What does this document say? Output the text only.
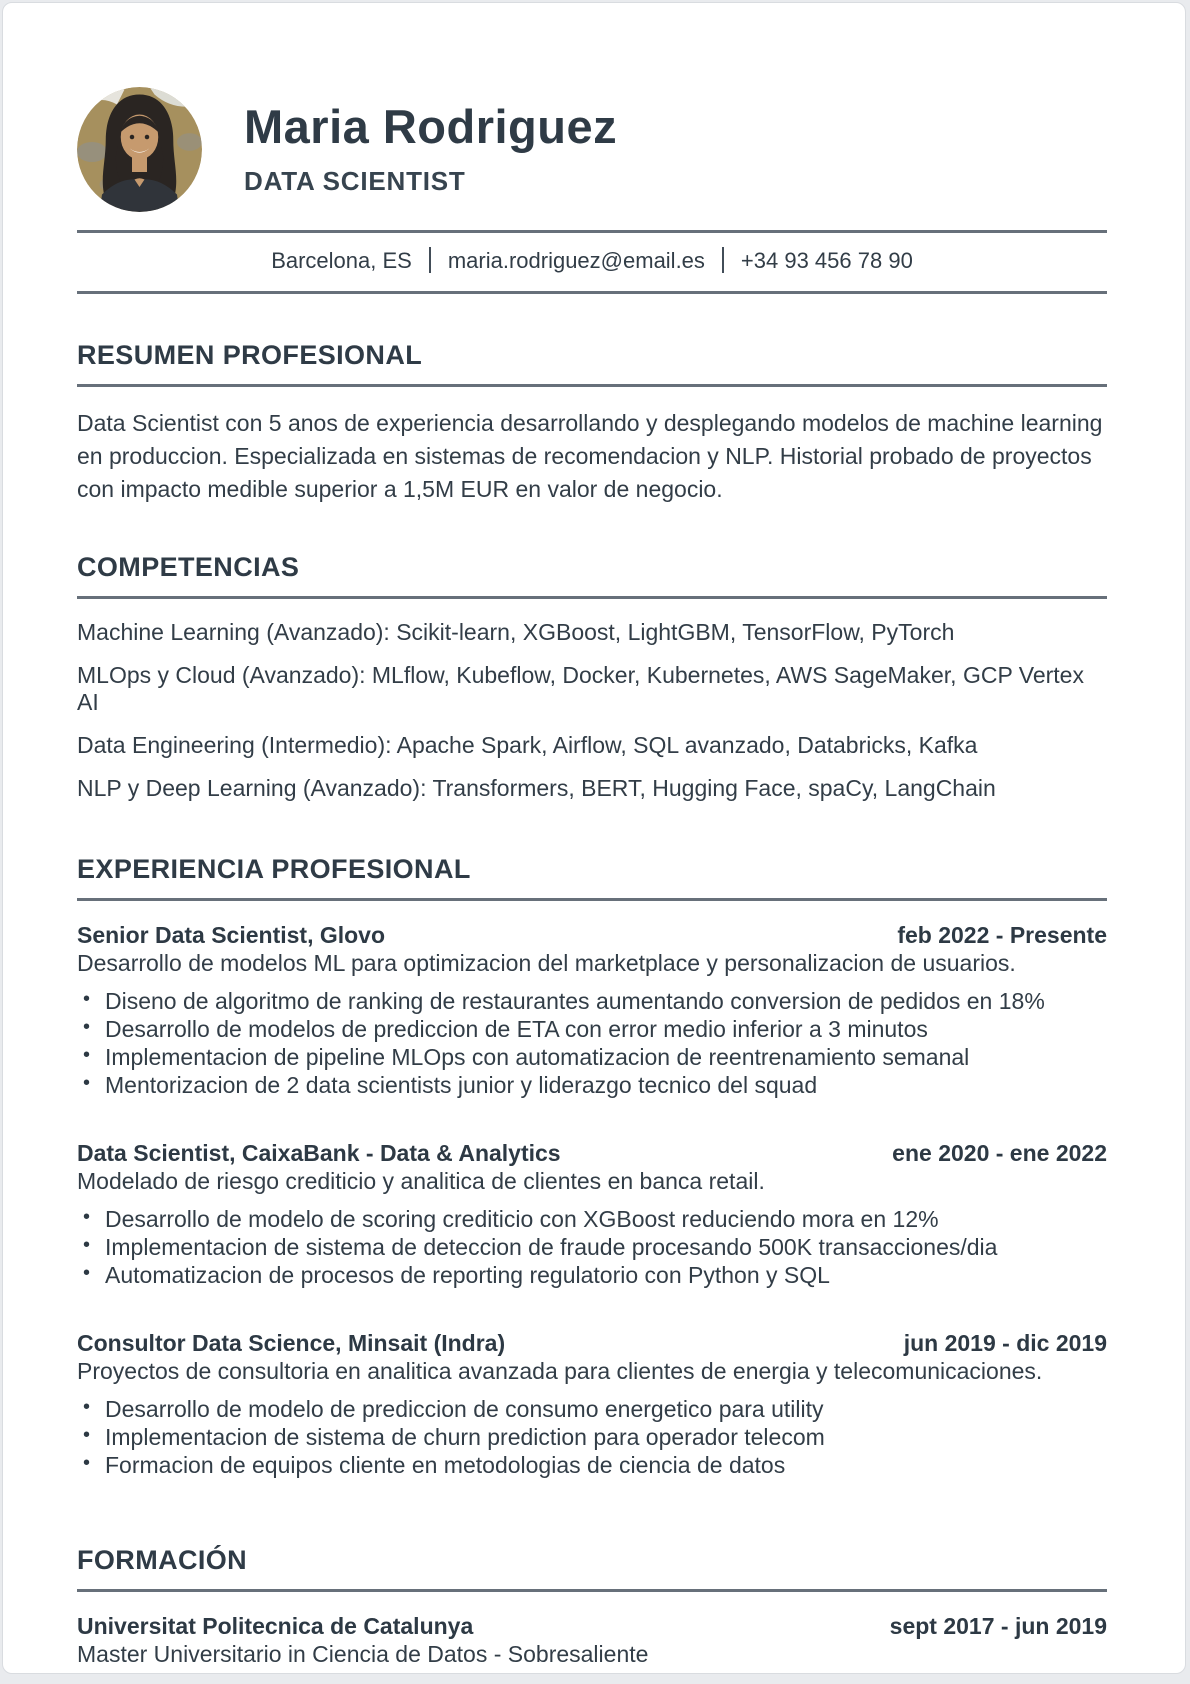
Maria Rodriguez
DATA SCIENTIST
Barcelona, ES maria.rodriguez@email.es +34 93 456 78 90
RESUMEN PROFESIONAL

Data Scientist con 5 anos de experiencia desarrollando y desplegando modelos de machine learning en produccion. Especializada en sistemas de recomendacion y NLP. Historial probado de proyectos con impacto medible superior a 1,5M EUR en valor de negocio.

COMPETENCIAS
Machine Learning (Avanzado): Scikit-learn, XGBoost, LightGBM, TensorFlow, PyTorch
MLOps y Cloud (Avanzado): MLflow, Kubeflow, Docker, Kubernetes, AWS SageMaker, GCP Vertex AI
Data Engineering (Intermedio): Apache Spark, Airflow, SQL avanzado, Databricks, Kafka
NLP y Deep Learning (Avanzado): Transformers, BERT, Hugging Face, spaCy, LangChain
EXPERIENCIA PROFESIONAL
Senior Data Scientist, Glovo	feb 2022 - Presente

Desarrollo de modelos ML para optimizacion del marketplace y personalizacion de usuarios.

• Diseno de algoritmo de ranking de restaurantes aumentando conversion de pedidos en 18%
• Desarrollo de modelos de prediccion de ETA con error medio inferior a 3 minutos
• Implementacion de pipeline MLOps con automatizacion de reentrenamiento semanal
• Mentorizacion de 2 data scientists junior y liderazgo tecnico del squad
Data Scientist, CaixaBank - Data & Analytics	ene 2020 - ene 2022

Modelado de riesgo crediticio y analitica de clientes en banca retail.

• Desarrollo de modelo de scoring crediticio con XGBoost reduciendo mora en 12%
• Implementacion de sistema de deteccion de fraude procesando 500K transacciones/dia
• Automatizacion de procesos de reporting regulatorio con Python y SQL
Consultor Data Science, Minsait (Indra)	jun 2019 - dic 2019

Proyectos de consultoria en analitica avanzada para clientes de energia y telecomunicaciones.

• Desarrollo de modelo de prediccion de consumo energetico para utility
• Implementacion de sistema de churn prediction para operador telecom
• Formacion de equipos cliente en metodologias de ciencia de datos
FORMACIÓN
Universitat Politecnica de Catalunya	sept 2017 - jun 2019

Master Universitario in Ciencia de Datos - Sobresaliente
